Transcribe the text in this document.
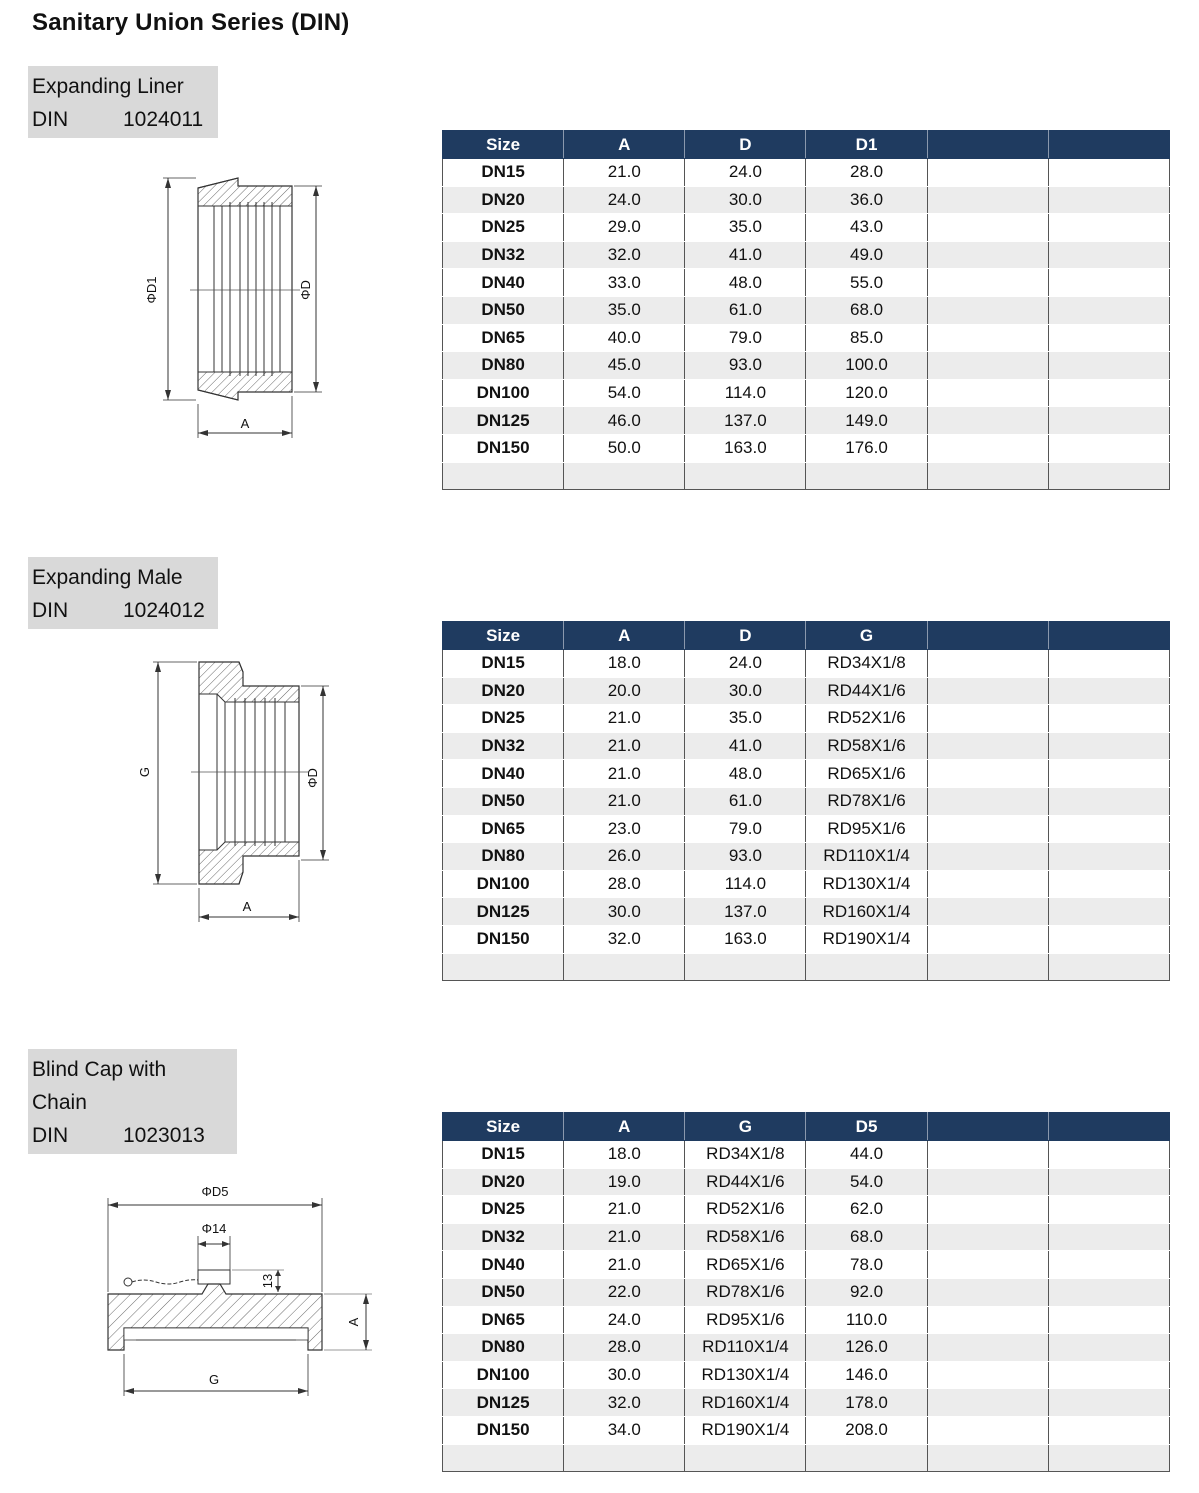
Sanitary Union Series (DIN)
Expanding Liner
DIN	1024011
ΦD1	ΦD
A
Size	A	D	D1		
DN15	21.0	24.0	28.0		
DN20	24.0	30.0	36.0		
DN25	29.0	35.0	43.0		
DN32	32.0	41.0	49.0		
DN40	33.0	48.0	55.0		
DN50	35.0	61.0	68.0		
DN65	40.0	79.0	85.0		
DN80	45.0	93.0	100.0		
DN100	54.0	114.0	120.0		
DN125	46.0	137.0	149.0		
DN150	50.0	163.0	176.0		

Expanding Male
DIN	1024012
G	ΦD
A
Size	A	D	G		
DN15	18.0	24.0	RD34X1/8		
DN20	20.0	30.0	RD44X1/6		
DN25	21.0	35.0	RD52X1/6		
DN32	21.0	41.0	RD58X1/6		
DN40	21.0	48.0	RD65X1/6		
DN50	21.0	61.0	RD78X1/6		
DN65	23.0	79.0	RD95X1/6		
DN80	26.0	93.0	RD110X1/4		
DN100	28.0	114.0	RD130X1/4		
DN125	30.0	137.0	RD160X1/4		
DN150	32.0	163.0	RD190X1/4		

Blind Cap with Chain
DIN	1023013
ΦD5
Φ14
13
A
G
Size	A	G	D5		
DN15	18.0	RD34X1/8	44.0		
DN20	19.0	RD44X1/6	54.0		
DN25	21.0	RD52X1/6	62.0		
DN32	21.0	RD58X1/6	68.0		
DN40	21.0	RD65X1/6	78.0		
DN50	22.0	RD78X1/6	92.0		
DN65	24.0	RD95X1/6	110.0		
DN80	28.0	RD110X1/4	126.0		
DN100	30.0	RD130X1/4	146.0		
DN125	32.0	RD160X1/4	178.0		
DN150	34.0	RD190X1/4	208.0		
